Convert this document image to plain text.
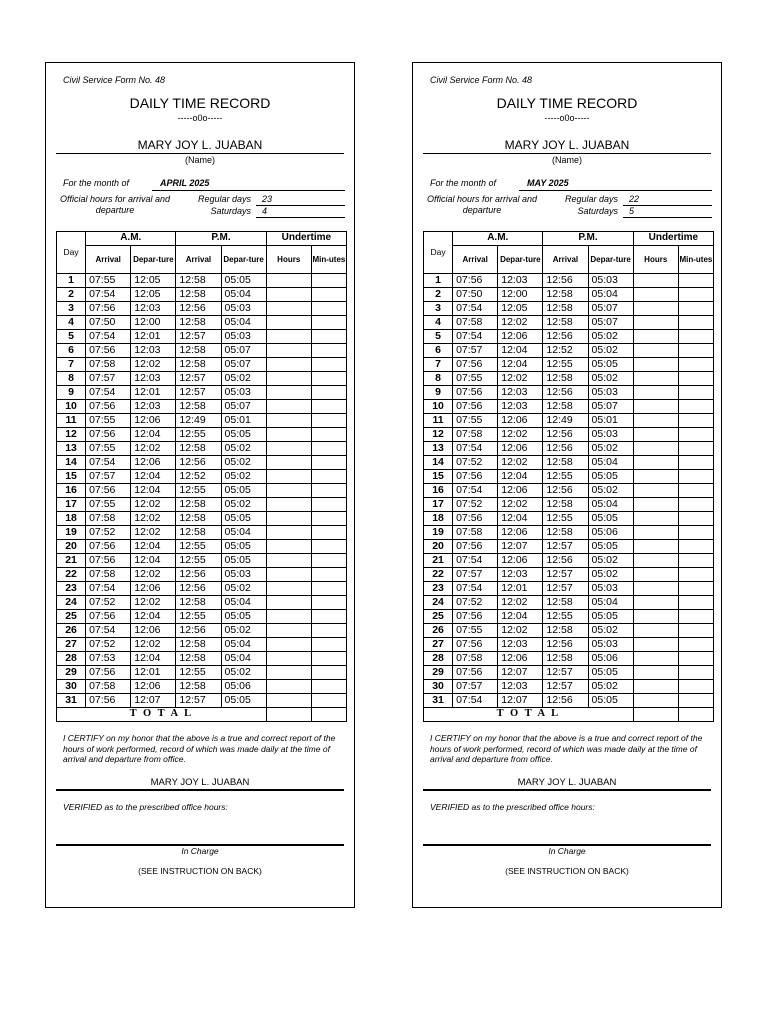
Civil Service Form No. 48
DAILY TIME RECORD
-----o0o-----
MARY JOY L. JUABAN
(Name)
For the month of	APRIL 2025
Official hours for arrival and departure
Regular days	23
Saturdays	4
Day	A.M.		P.M.		Undertime	
	Arrival	Depar-ture	Arrival	Depar-ture	Hours	Min-utes
1	07:55	12:05	12:58	05:05		
2	07:54	12:05	12:58	05:04		
3	07:56	12:03	12:56	05:03		
4	07:50	12:00	12:58	05:04		
5	07:54	12:01	12:57	05:03		
6	07:56	12:03	12:58	05:07		
7	07:58	12:02	12:58	05:07		
8	07:57	12:03	12:57	05:02		
9	07:54	12:01	12:57	05:03		
10	07:56	12:03	12:58	05:07		
11	07:55	12:06	12:49	05:01		
12	07:56	12:04	12:55	05:05		
13	07:55	12:02	12:58	05:02		
14	07:54	12:06	12:56	05:02		
15	07:57	12:04	12:52	05:02		
16	07:56	12:04	12:55	05:05		
17	07:55	12:02	12:58	05:02		
18	07:58	12:02	12:58	05:05		
19	07:52	12:02	12:58	05:04		
20	07:56	12:04	12:55	05:05		
21	07:56	12:04	12:55	05:05		
22	07:58	12:02	12:56	05:03		
23	07:54	12:06	12:56	05:02		
24	07:52	12:02	12:58	05:04		
25	07:56	12:04	12:55	05:05		
26	07:54	12:06	12:56	05:02		
27	07:52	12:02	12:58	05:04		
28	07:53	12:04	12:58	05:04		
29	07:56	12:01	12:55	05:02		
30	07:58	12:06	12:58	05:06		
31	07:56	12:07	12:57	05:05		
T O T A L						
I CERTIFY on my honor that the above is a true and correct report of the hours of work performed, record of which was made daily at the time of arrival and departure from office.
MARY JOY L. JUABAN
VERIFIED as to the prescribed office hours:
In Charge
(SEE INSTRUCTION ON BACK)
Civil Service Form No. 48
DAILY TIME RECORD
-----o0o-----
MARY JOY L. JUABAN
(Name)
For the month of	MAY 2025
Official hours for arrival and departure
Regular days	22
Saturdays	5
Day	A.M.		P.M.		Undertime	
	Arrival	Depar-ture	Arrival	Depar-ture	Hours	Min-utes
1	07:56	12:03	12:56	05:03		
2	07:50	12:00	12:58	05:04		
3	07:54	12:05	12:58	05:07		
4	07:58	12:02	12:58	05:07		
5	07:54	12:06	12:56	05:02		
6	07:57	12:04	12:52	05:02		
7	07:56	12:04	12:55	05:05		
8	07:55	12:02	12:58	05:02		
9	07:56	12:03	12:56	05:03		
10	07:56	12:03	12:58	05:07		
11	07:55	12:06	12:49	05:01		
12	07:58	12:02	12:56	05:03		
13	07:54	12:06	12:56	05:02		
14	07:52	12:02	12:58	05:04		
15	07:56	12:04	12:55	05:05		
16	07:54	12:06	12:56	05:02		
17	07:52	12:02	12:58	05:04		
18	07:56	12:04	12:55	05:05		
19	07:58	12:06	12:58	05:06		
20	07:56	12:07	12:57	05:05		
21	07:54	12:06	12:56	05:02		
22	07:57	12:03	12:57	05:02		
23	07:54	12:01	12:57	05:03		
24	07:52	12:02	12:58	05:04		
25	07:56	12:04	12:55	05:05		
26	07:55	12:02	12:58	05:02		
27	07:56	12:03	12:56	05:03		
28	07:58	12:06	12:58	05:06		
29	07:56	12:07	12:57	05:05		
30	07:57	12:03	12:57	05:02		
31	07:54	12:07	12:56	05:05		
T O T A L						
I CERTIFY on my honor that the above is a true and correct report of the hours of work performed, record of which was made daily at the time of arrival and departure from office.
MARY JOY L. JUABAN
VERIFIED as to the prescribed office hours:
In Charge
(SEE INSTRUCTION ON BACK)
